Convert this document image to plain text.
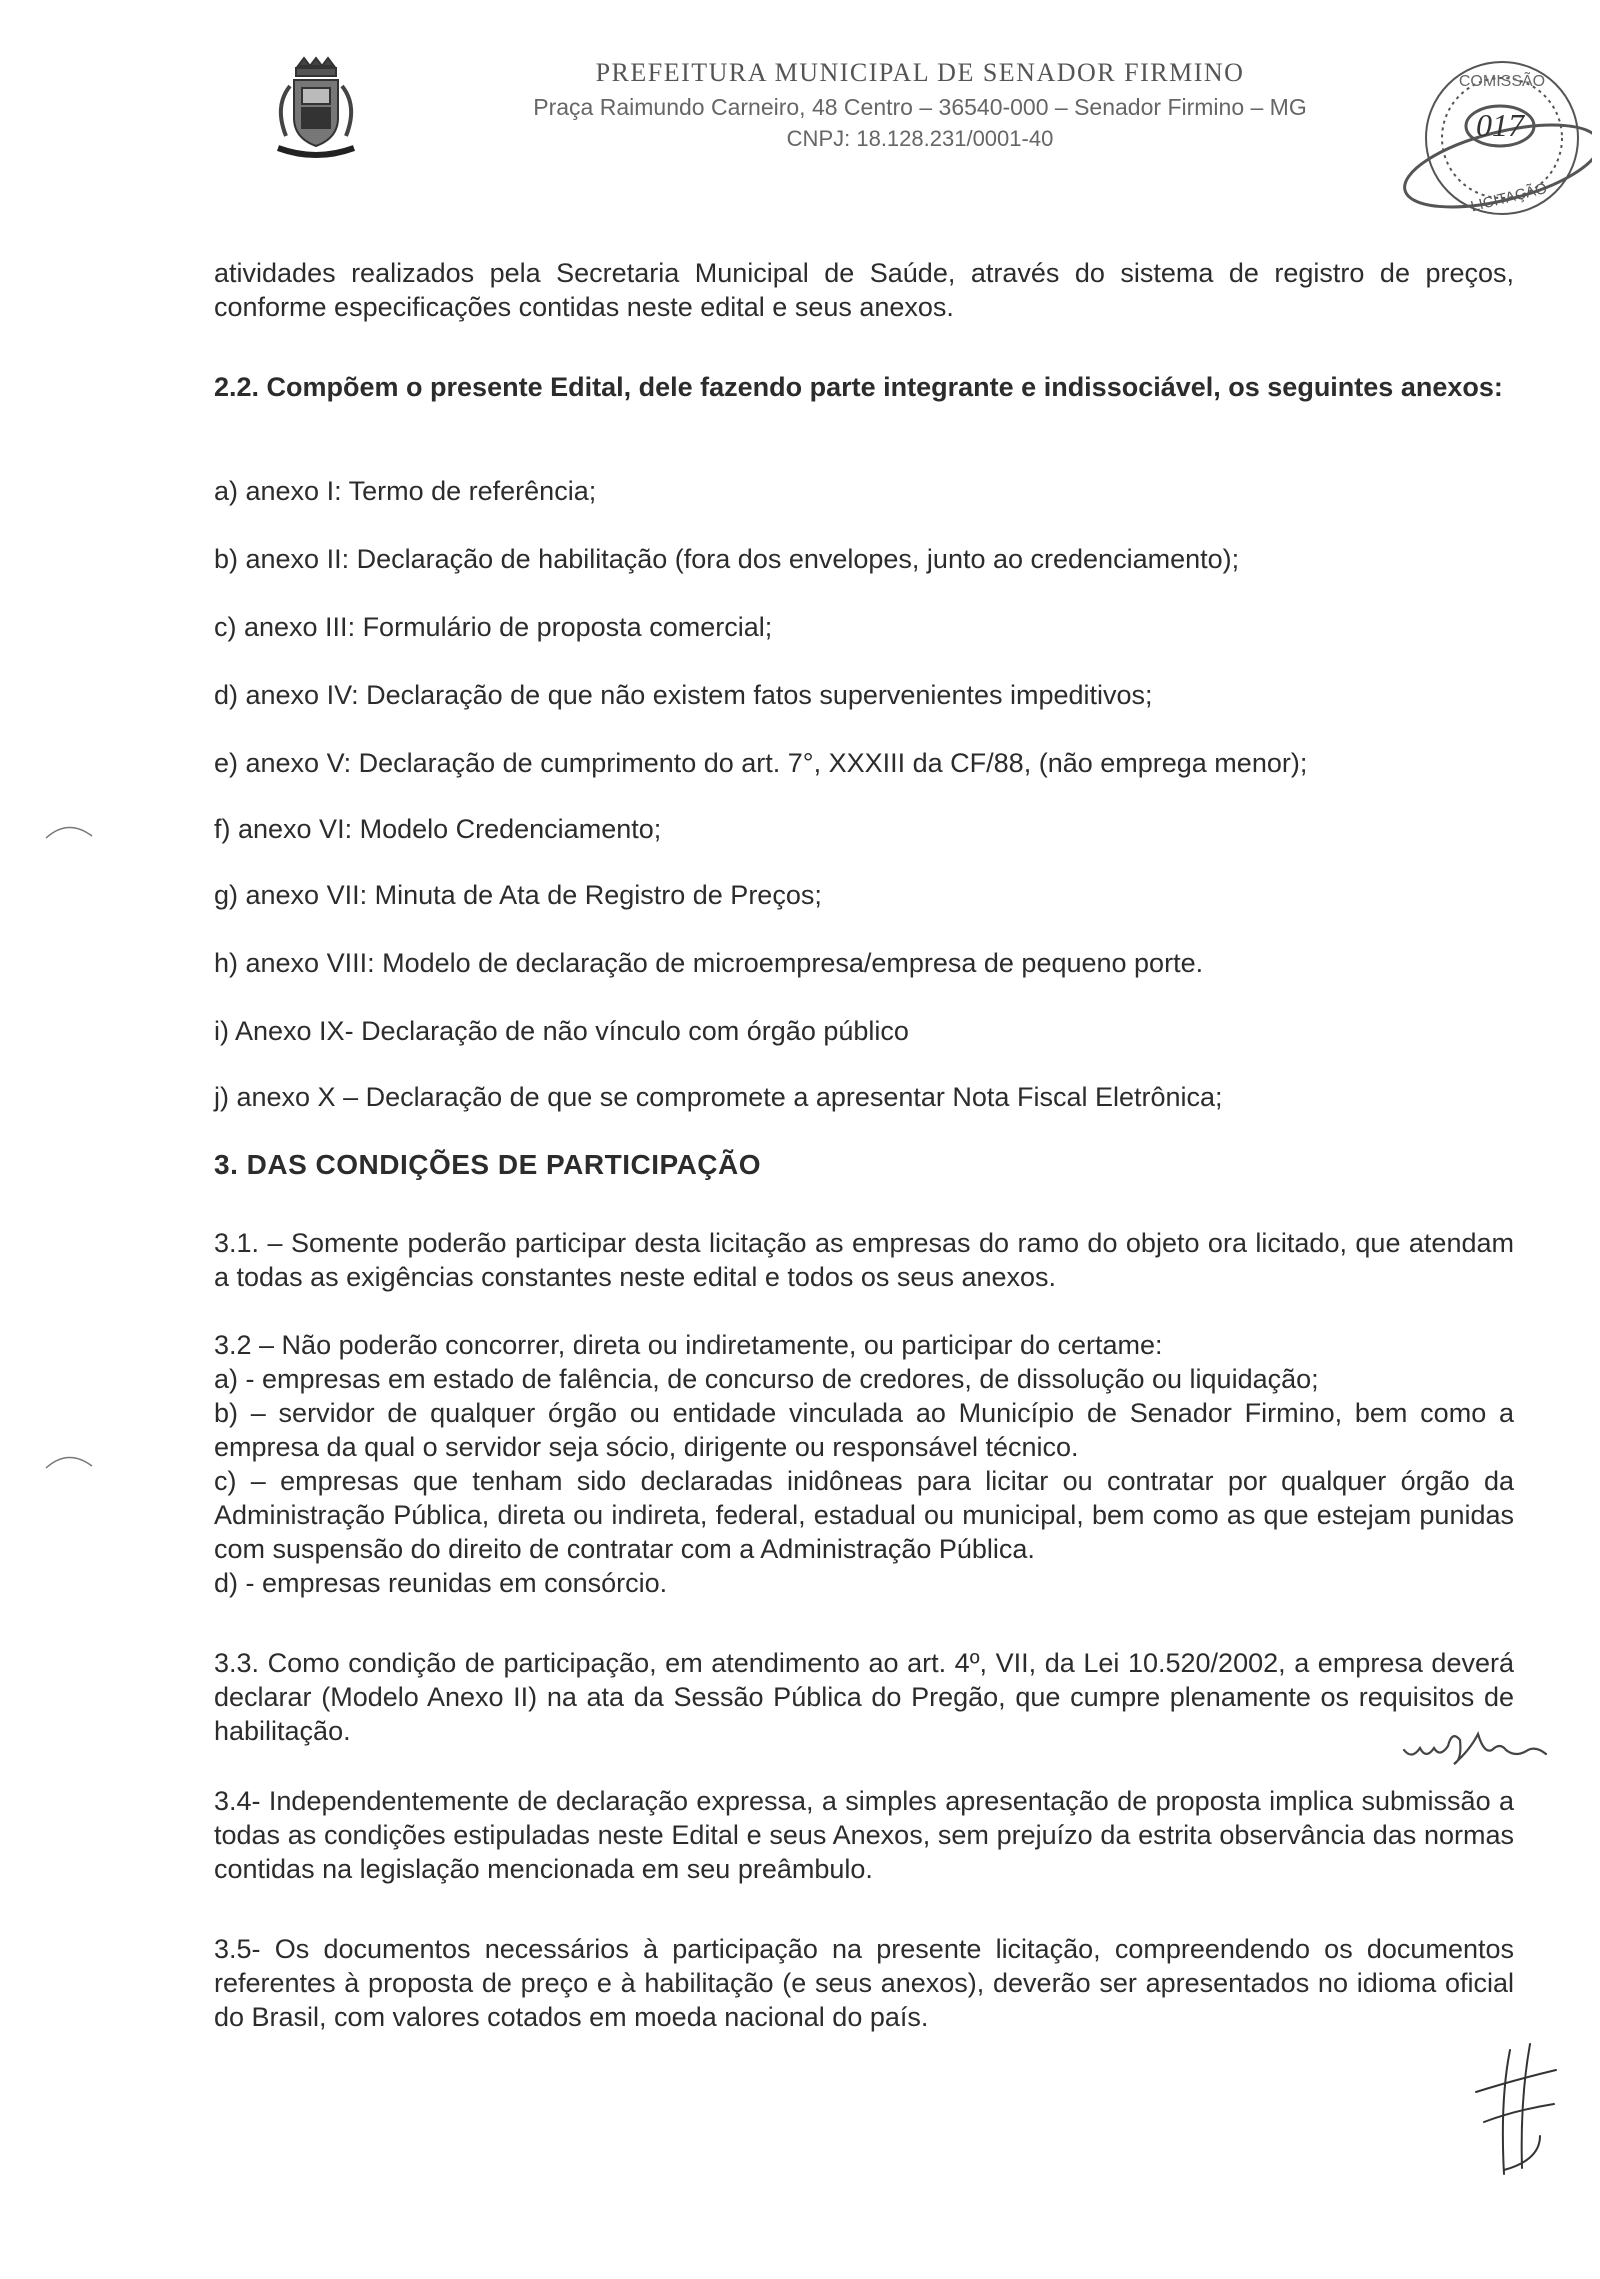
PREFEITURA MUNICIPAL DE SENADOR FIRMINO
Praça Raimundo Carneiro, 48 Centro – 36540-000 – Senador Firmino – MG
CNPJ: 18.128.231/0001-40
COMISSÃO
017
LICITAÇÃO
atividades realizados pela Secretaria Municipal de Saúde, através do sistema de registro de preços, conforme especificações contidas neste edital e seus anexos.
2.2. Compõem o presente Edital, dele fazendo parte integrante e indissociável, os seguintes anexos:
a) anexo I: Termo de referência;
b) anexo II: Declaração de habilitação (fora dos envelopes, junto ao credenciamento);
c) anexo III: Formulário de proposta comercial;
d) anexo IV: Declaração de que não existem fatos supervenientes impeditivos;
e) anexo V: Declaração de cumprimento do art. 7°, XXXIII da CF/88, (não emprega menor);
f) anexo VI: Modelo Credenciamento;
g) anexo VII: Minuta de Ata de Registro de Preços;
h) anexo VIII: Modelo de declaração de microempresa/empresa de pequeno porte.
i) Anexo IX- Declaração de não vínculo com órgão público
j) anexo X – Declaração de que se compromete a apresentar Nota Fiscal Eletrônica;
3. DAS CONDIÇÕES DE PARTICIPAÇÃO
3.1. – Somente poderão participar desta licitação as empresas do ramo do objeto ora licitado, que atendam a todas as exigências constantes neste edital e todos os seus anexos.
3.2 – Não poderão concorrer, direta ou indiretamente, ou participar do certame:
a) - empresas em estado de falência, de concurso de credores, de dissolução ou liquidação;
b) – servidor de qualquer órgão ou entidade vinculada ao Município de Senador Firmino, bem como a empresa da qual o servidor seja sócio, dirigente ou responsável técnico.
c) – empresas que tenham sido declaradas inidôneas para licitar ou contratar por qualquer órgão da Administração Pública, direta ou indireta, federal, estadual ou municipal, bem como as que estejam punidas com suspensão do direito de contratar com a Administração Pública.
d) - empresas reunidas em consórcio.
3.3. Como condição de participação, em atendimento ao art. 4º, VII, da Lei 10.520/2002, a empresa deverá declarar (Modelo Anexo II) na ata da Sessão Pública do Pregão, que cumpre plenamente os requisitos de habilitação.
3.4- Independentemente de declaração expressa, a simples apresentação de proposta implica submissão a todas as condições estipuladas neste Edital e seus Anexos, sem prejuízo da estrita observância das normas contidas na legislação mencionada em seu preâmbulo.
3.5- Os documentos necessários à participação na presente licitação, compreendendo os documentos referentes à proposta de preço e à habilitação (e seus anexos), deverão ser apresentados no idioma oficial do Brasil, com valores cotados em moeda nacional do país.
